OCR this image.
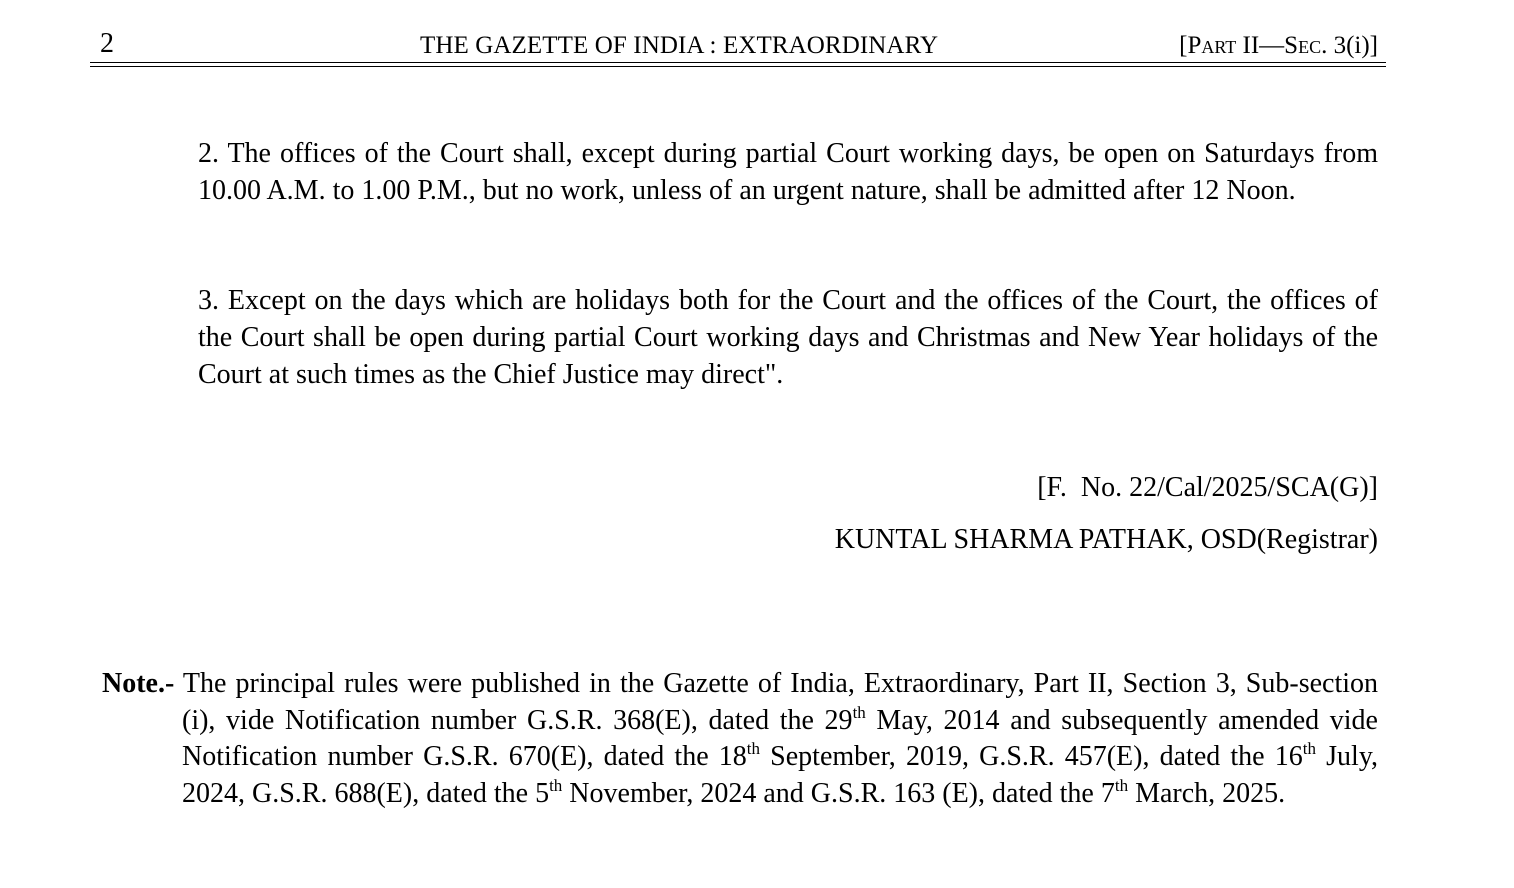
2	THE GAZETTE OF INDIA : EXTRAORDINARY	[Part II—Sec. 3(i)]
2. The offices of the Court shall, except during partial Court working days, be open on Saturdays from 10.00 A.M. to 1.00 P.M., but no work, unless of an urgent nature, shall be admitted after 12 Noon.
3. Except on the days which are holidays both for the Court and the offices of the Court, the offices of the Court shall be open during partial Court working days and Christmas and New Year holidays of the Court at such times as the Chief Justice may direct".
[F.  No. 22/Cal/2025/SCA(G)]
KUNTAL SHARMA PATHAK, OSD(Registrar)
Note.- The principal rules were published in the Gazette of India, Extraordinary, Part II, Section 3, Sub-section (i), vide Notification number G.S.R. 368(E), dated the 29th May, 2014 and subsequently amended vide Notification number G.S.R. 670(E), dated the 18th September, 2019, G.S.R. 457(E), dated the 16th July, 2024, G.S.R. 688(E), dated the 5th November, 2024 and G.S.R. 163 (E), dated the 7th March, 2025.
